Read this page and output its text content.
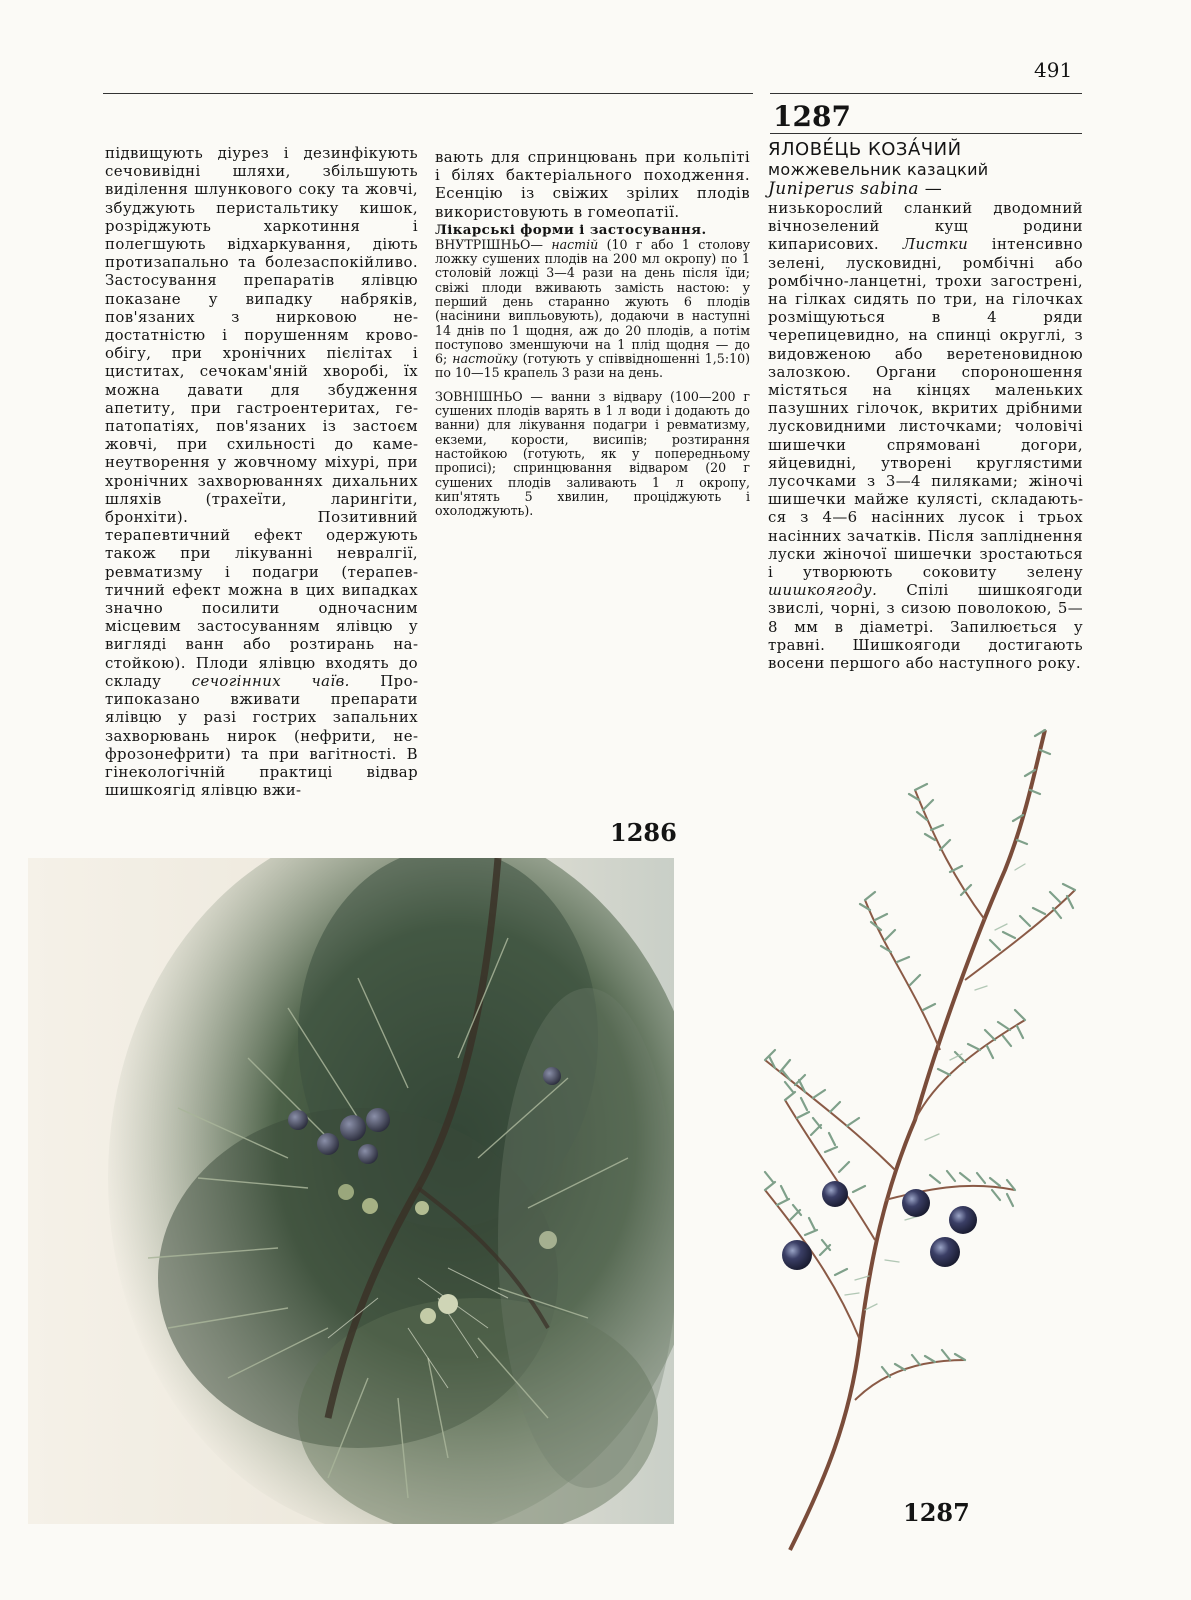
491
1287

підвищують діурез і дезинфікують сечовивідні шляхи, збільшують виділення шлункового соку та жовчі, збуджують перистальтику кишок, розріджують харкотиння і полегшують відхаркування, діють протизапально та болезаспокійливо. Застосування препаратів ялівцю показане у випадку набряків, пов'язаних з нирковою недостатністю і порушенням кровообігу, при хронічних пієлітах і циститах, сечокам'яній хворобі, їх можна давати для збудження апетиту, при гастроентеритах, гепатопатіях, пов'язаних із застоєм жовчі, при схильності до каменеутворення у жовчному міхурі, при хронічних захворюваннях дихальних шляхів (трахеїти, ларингіти, бронхіти). Позитивний терапевтичний ефект одержують також при лікуванні невралгії, ревматизму і подагри (терапевтичний ефект можна в цих випадках значно посилити одночасним місцевим застосуванням ялівцю у вигляді ванн або розтирань настойкою). Плоди ялівцю входять до складу сечогінних чаїв. Протипоказано вживати препарати ялівцю у разі гострих запальних захворювань нирок (нефрити, нефрозонефрити) та при вагітності. В гінекологічній практиці відвар шишкоягід ялівцю вжи-

вають для спринцювань при кольпіті і білях бактеріального походження. Есенцію із свіжих зрілих плодів використовують в гомеопатії.

Лікарські форми і застосування.

ВНУТРІШНЬО— настій (10 г або 1 столову ложку сушених плодів на 200 мл окропу) по 1 столовій ложці 3—4 рази на день після їди; свіжі плоди вживають замість настою: у перший день старанно жують 6 плодів (насінини випльовують), додаючи в наступні 14 днів по 1 щодня, аж до 20 плодів, а потім поступово зменшуючи на 1 плід щодня — до 6; настойку (готують у співвідношенні 1,5:10) по 10—15 крапель 3 рази на день.

ЗОВНІШНЬО — ванни з відвару (100—200 г сушених плодів варять в 1 л води і додають до ванни) для лікування подагри і ревматизму, екземи, корости, висипів; розтирання настойкою (готують, як у попередньому прописі); спринцювання відваром (20 г сушених плодів заливають 1 л окропу, кип'ятять 5 хвилин, проціджують і охолоджують).

ЯЛОВЕ́ЦЬ КОЗА́ЧИЙ
можжевельник казацкий
Juniperus sabina —

низькорослий сланкий дводомний вічнозелений кущ родини кипарисових. Листки інтенсивно зелені, лусковидні, ромбічні або ромбічно-ланцетні, трохи загострені, на гілках сидять по три, на гілочках розміщуються в 4 ряди черепицевидно, на спинці округлі, з видовженою або веретеновидною залозкою. Органи спороношення містяться на кінцях маленьких пазушних гілочок, вкритих дрібними лусковидними листочками; чоловічі шишечки спрямовані догори, яйцевидні, утворені круглястими лусочками з 3—4 пиляками; жіночі шишечки майже кулясті, складаються з 4—6 насінних лусок і трьох насінних зачатків. Після запліднення луски жіночої шишечки зростаються і утворюють соковиту зелену шишкоягоду. Спілі шишкоягоди звислі, чорні, з сизою поволокою, 5—8 мм в діаметрі. Запилюється у травні. Шишкоягоди достигають восени першого або наступного року.

1286
1287
